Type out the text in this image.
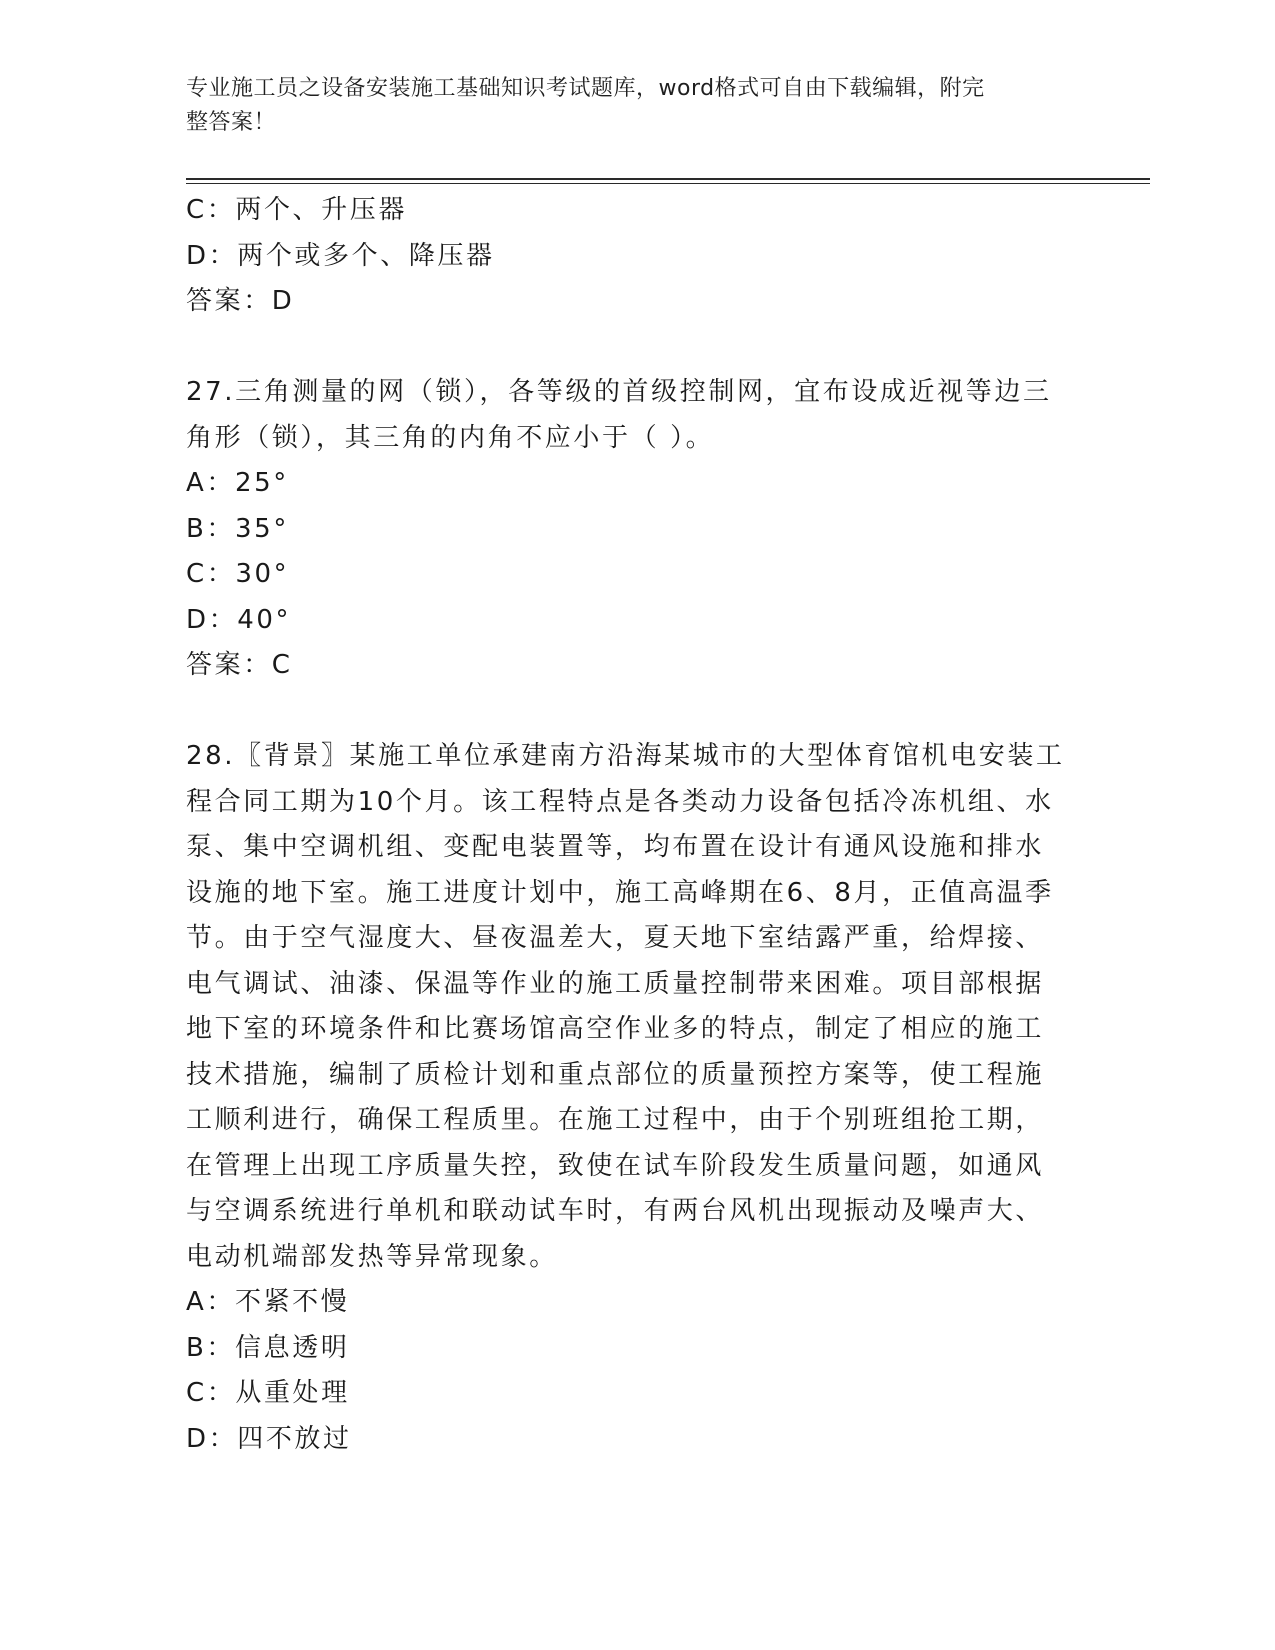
专业施工员之设备安装施工基础知识考试题库，word格式可自由下载编辑，附完
整答案！
C：两个、升压器
D：两个或多个、降压器
答案：D
27.三角测量的网（锁），各等级的首级控制网，宜布设成近视等边三
角形（锁），其三角的内角不应小于（ ）。
A：25°
B：35°
C：30°
D：40°
答案：C
28.〖背景〗某施工单位承建南方沿海某城市的大型体育馆机电安装工
程合同工期为10个月。该工程特点是各类动力设备包括冷冻机组、水
泵、集中空调机组、变配电装置等，均布置在设计有通风设施和排水
设施的地下室。施工进度计划中，施工高峰期在6、8月，正值高温季
节。由于空气湿度大、昼夜温差大，夏天地下室结露严重，给焊接、
电气调试、油漆、保温等作业的施工质量控制带来困难。项目部根据
地下室的环境条件和比赛场馆高空作业多的特点，制定了相应的施工
技术措施，编制了质检计划和重点部位的质量预控方案等，使工程施
工顺利进行，确保工程质里。在施工过程中，由于个别班组抢工期，
在管理上出现工序质量失控，致使在试车阶段发生质量问题，如通风
与空调系统进行单机和联动试车时，有两台风机出现振动及噪声大、
电动机端部发热等异常现象。
A：不紧不慢
B：信息透明
C：从重处理
D：四不放过
